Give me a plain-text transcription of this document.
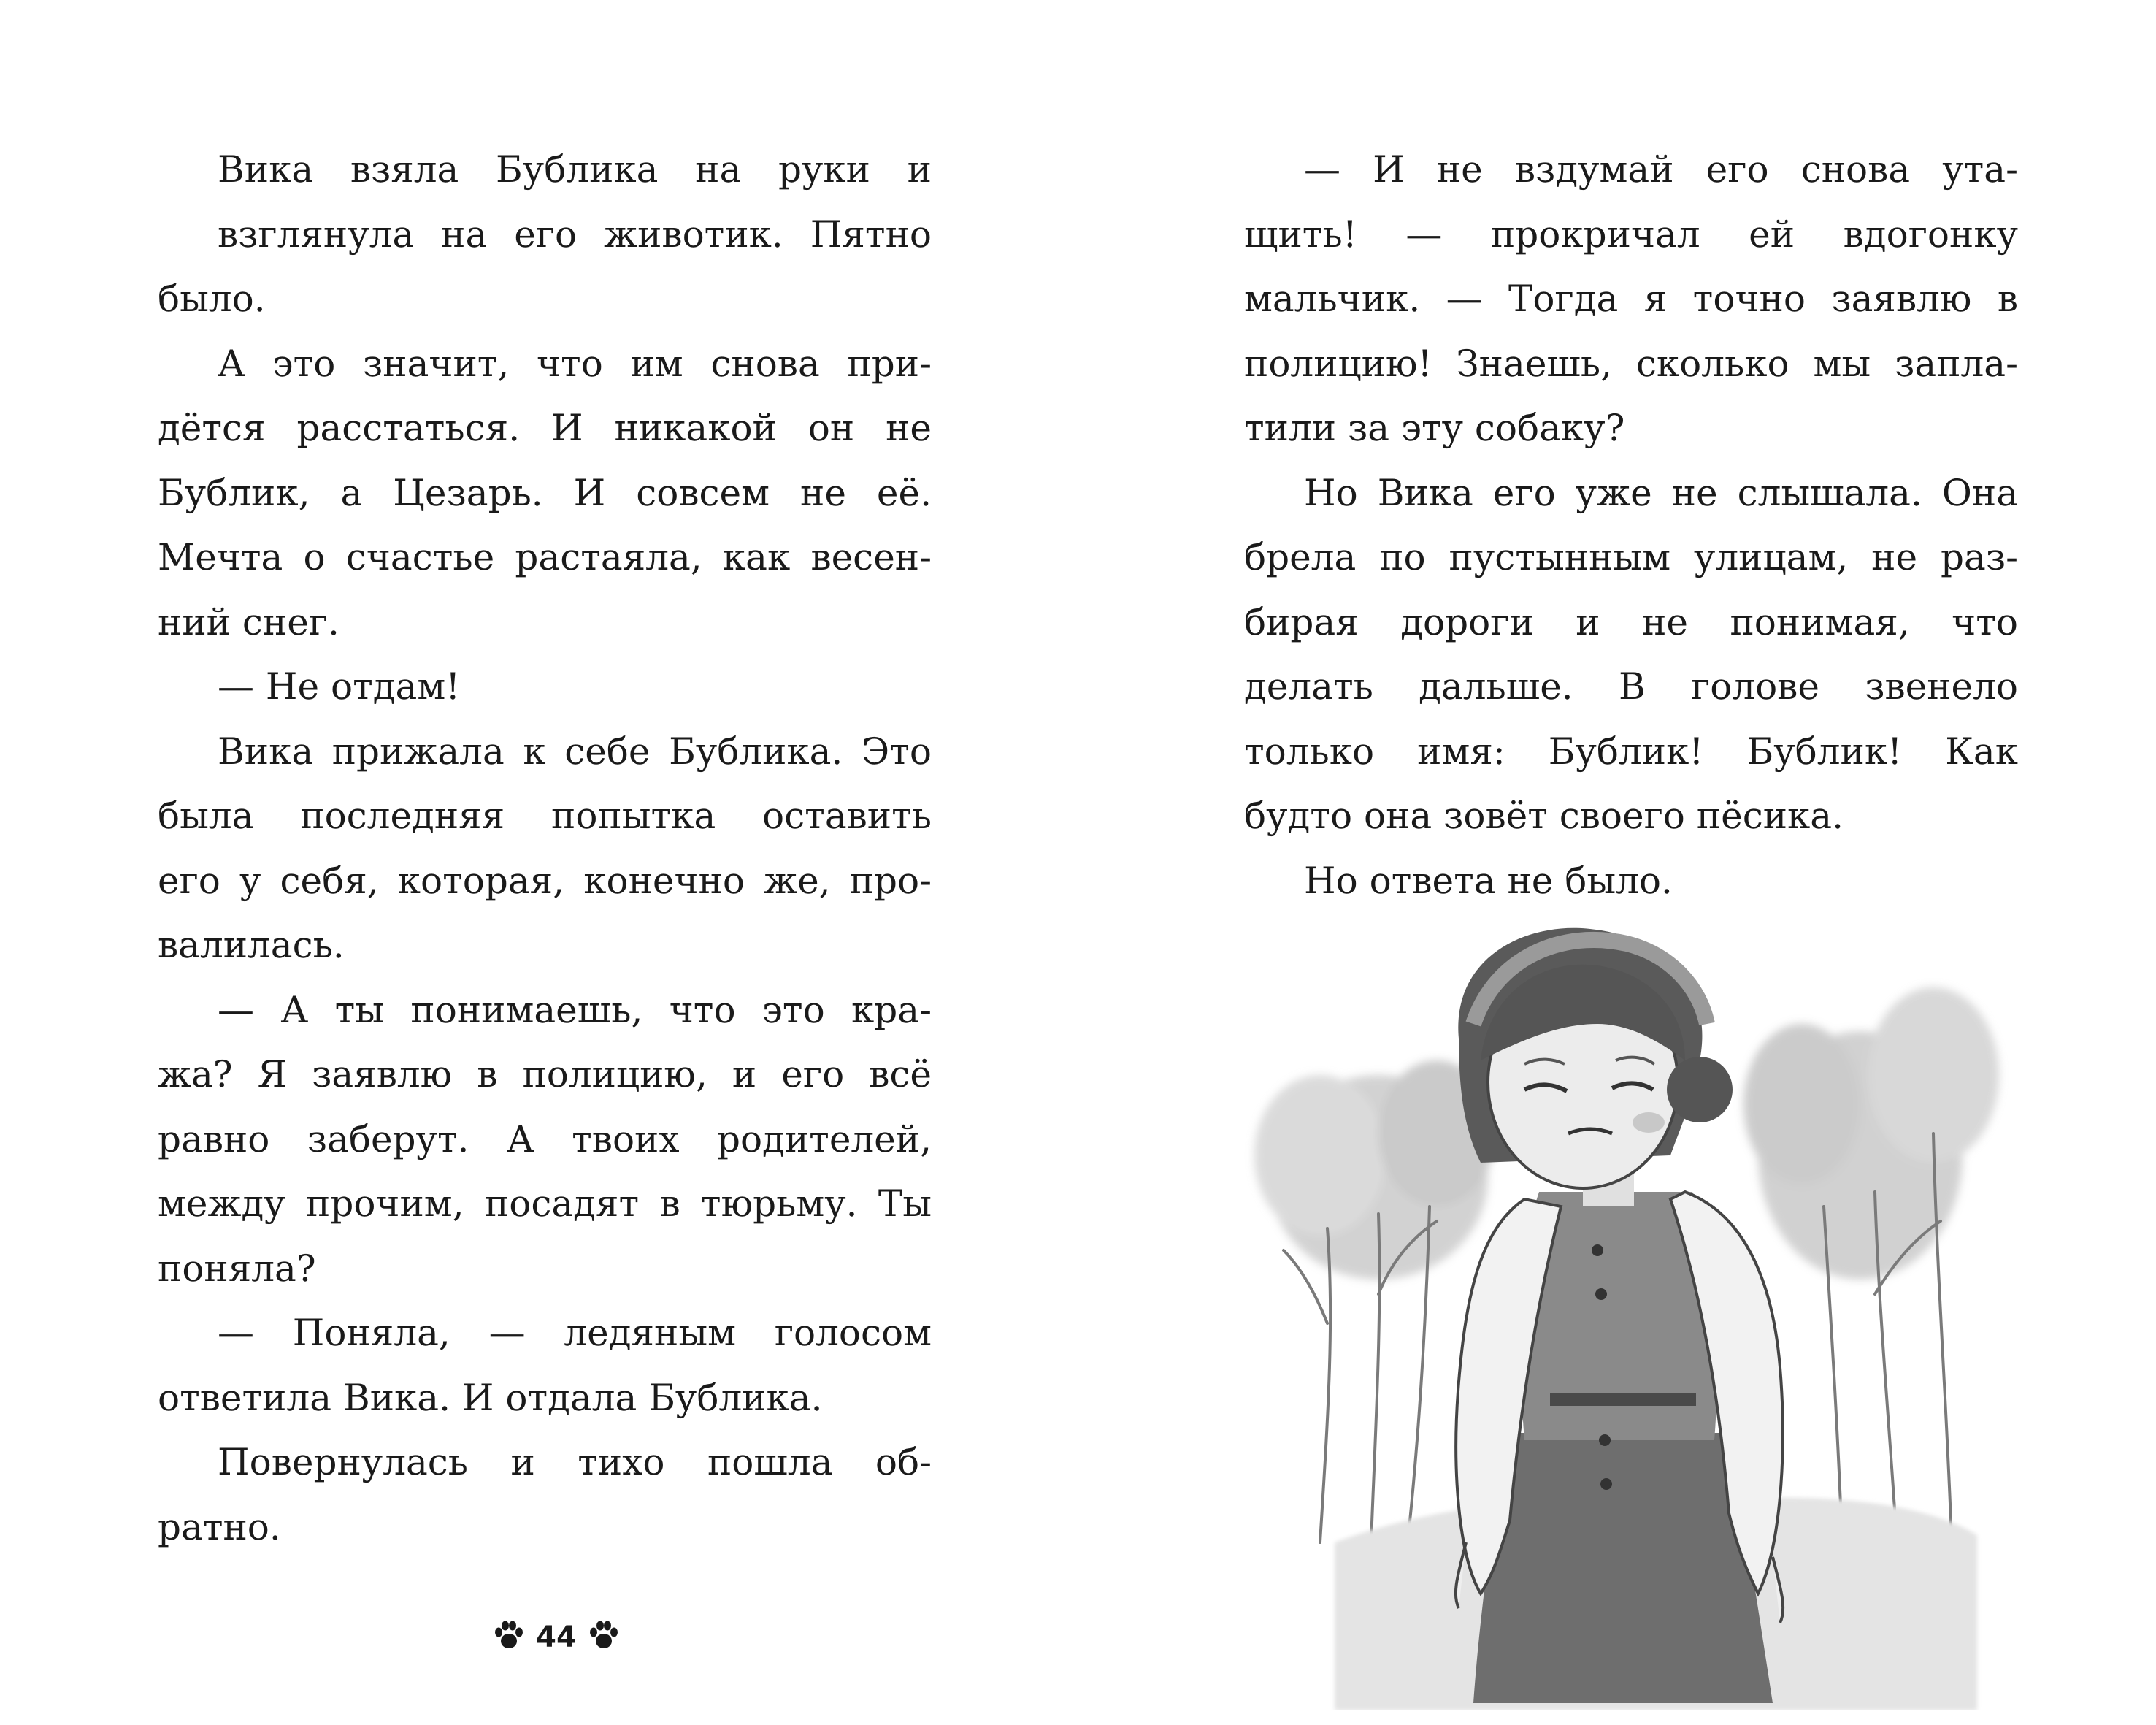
Вика взяла Бублика на руки и
взглянула на его животик. Пятно
было.

А это значит, что им снова при-
дётся расстаться. И никакой он не
Бублик, а Цезарь. И совсем не её.
Мечта о счастье растаяла, как весен-
ний снег.

— Не отдам!

Вика прижала к себе Бублика. Это
была последняя попытка оставить
его у себя, которая, конечно же, про-
валилась.

— А ты понимаешь, что это кра-
жа? Я заявлю в полицию, и его всё
равно заберут. А твоих родителей,
между прочим, посадят в тюрьму. Ты
поняла?

— Поняла, — ледяным голосом
ответила Вика. И отдала Бублика.

Повернулась и тихо пошла об-
ратно.

44

— И не вздумай его снова ута-
щить! — прокричал ей вдогонку
мальчик. — Тогда я точно заявлю в
полицию! Знаешь, сколько мы запла-
тили за эту собаку?

Но Вика его уже не слышала. Она
брела по пустынным улицам, не раз-
бирая дороги и не понимая, что
делать дальше. В голове звенело
только имя: Бублик! Бублик! Как
будто она зовёт своего пёсика.

Но ответа не было.
